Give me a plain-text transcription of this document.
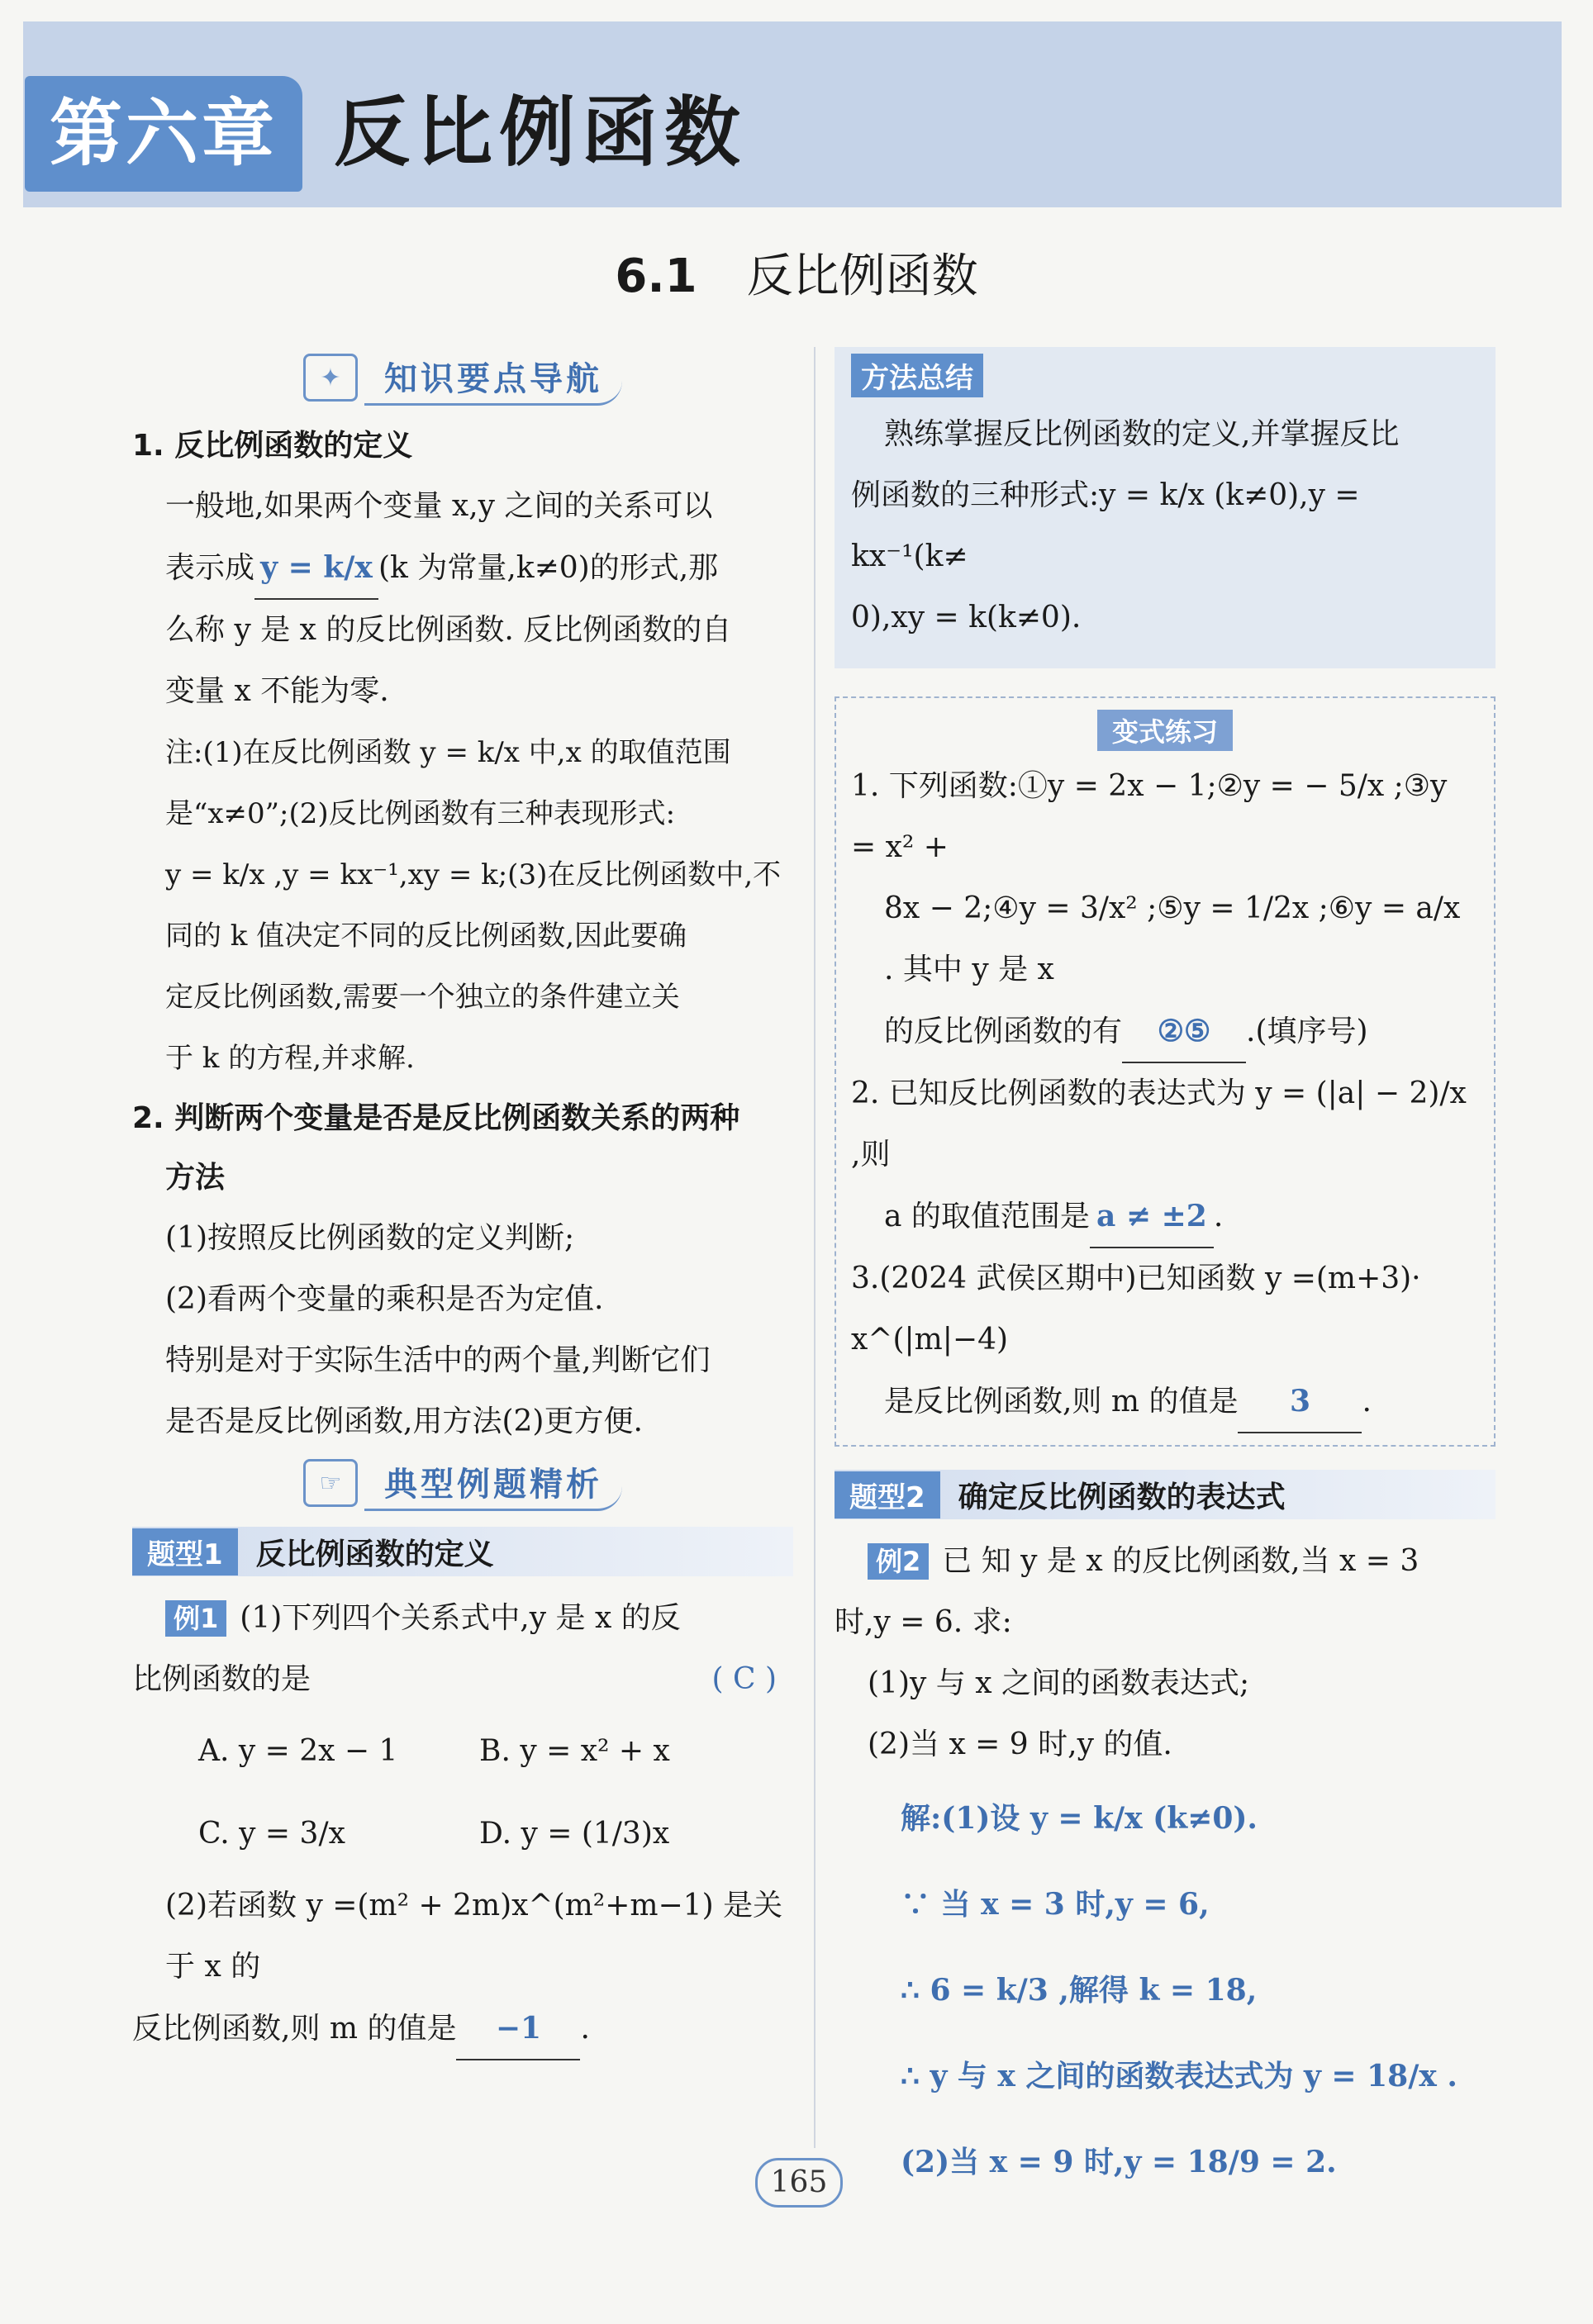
第六章 反比例函数
6.1 反比例函数
✦	知识要点导航
1. 反比例函数的定义
一般地,如果两个变量 x,y 之间的关系可以
表示成 y = k/x (k 为常量,k≠0)的形式,那
么称 y 是 x 的反比例函数. 反比例函数的自
变量 x 不能为零.
注:(1)在反比例函数 y = k/x 中,x 的取值范围
是“x≠0”;(2)反比例函数有三种表现形式:
y = k/x ,y = kx⁻¹,xy = k;(3)在反比例函数中,不
同的 k 值决定不同的反比例函数,因此要确
定反比例函数,需要一个独立的条件建立关
于 k 的方程,并求解.
2. 判断两个变量是否是反比例函数关系的两种
方法
(1)按照反比例函数的定义判断;
(2)看两个变量的乘积是否为定值.
特别是对于实际生活中的两个量,判断它们
是否是反比例函数,用方法(2)更方便.
☞	典型例题精析
题型1	反比例函数的定义
例1 (1)下列四个关系式中,y 是 x 的反
比例函数的是	( C )
A. y = 2x − 1	B. y = x² + x
C. y = 3/x	D. y = (1/3)x
(2)若函数 y =(m² + 2m)x^(m²+m−1) 是关于 x 的
反比例函数,则 m 的值是 −1 .
方法总结
熟练掌握反比例函数的定义,并掌握反比
例函数的三种形式:y = k/x (k≠0),y = kx⁻¹(k≠
0),xy = k(k≠0).
变式练习
1. 下列函数:①y = 2x − 1;②y = − 5/x ;③y = x² +
8x − 2;④y = 3/x² ;⑤y = 1/2x ;⑥y = a/x . 其中 y 是 x
的反比例函数的有 ②⑤ .(填序号)
2. 已知反比例函数的表达式为 y = (|a| − 2)/x ,则
a 的取值范围是 a ≠ ±2 .
3.(2024 武侯区期中)已知函数 y =(m+3)· x^(|m|−4)
是反比例函数,则 m 的值是 3 .
题型2	确定反比例函数的表达式
例2 已 知 y 是 x 的反比例函数,当 x = 3
时,y = 6. 求:
(1)y 与 x 之间的函数表达式;
(2)当 x = 9 时,y 的值.
解:(1)设 y = k/x (k≠0).
∵ 当 x = 3 时,y = 6,
∴ 6 = k/3 ,解得 k = 18,
∴ y 与 x 之间的函数表达式为 y = 18/x .
(2)当 x = 9 时,y = 18/9 = 2.
165
